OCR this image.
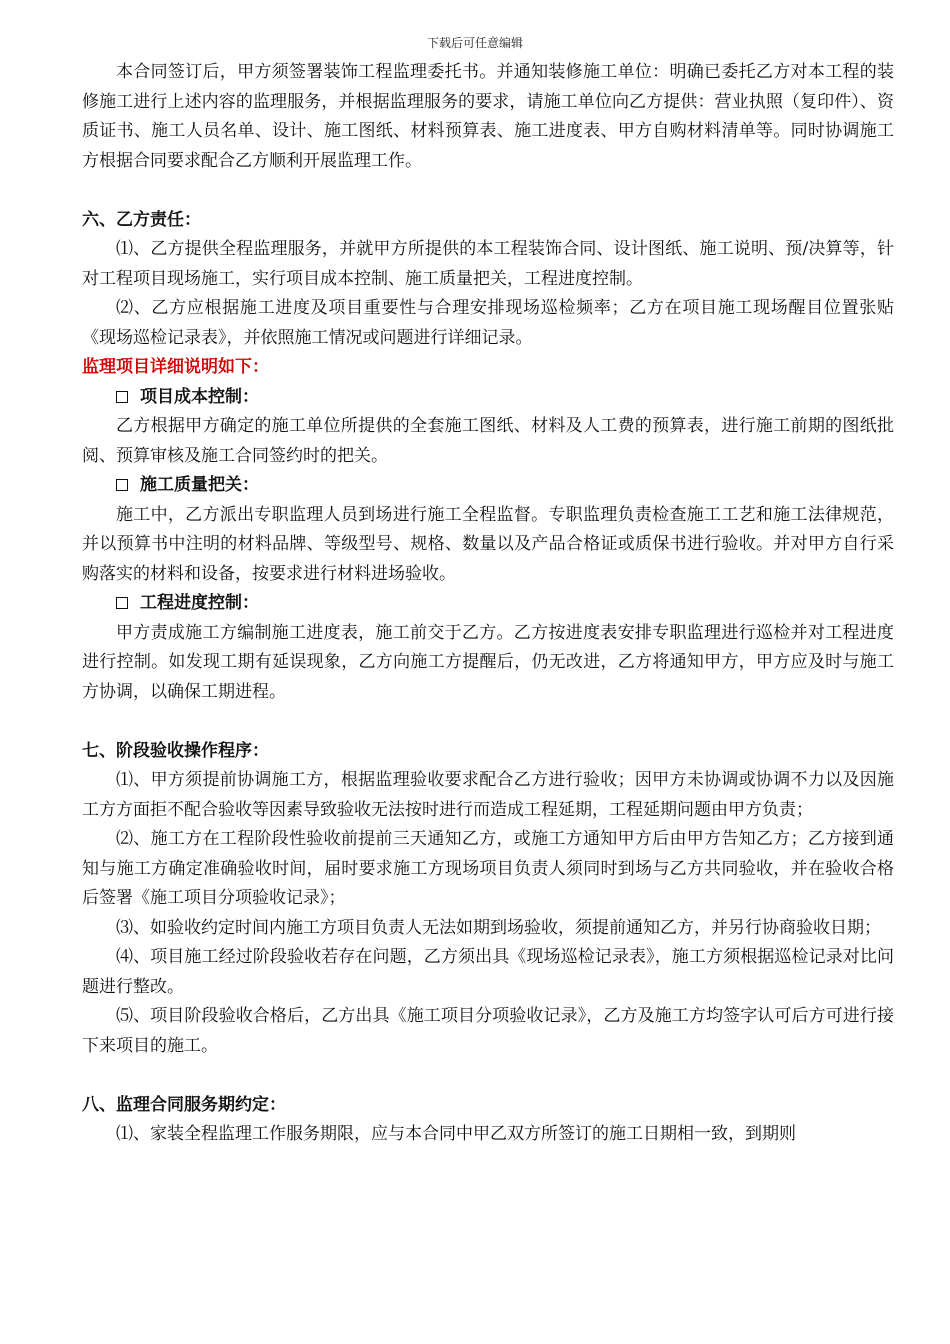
下载后可任意编辑

本合同签订后，甲方须签署装饰工程监理委托书。并通知装修施工单位：明确已委托乙方对本工程的装修施工进行上述内容的监理服务，并根据监理服务的要求，请施工单位向乙方提供：营业执照（复印件）、资质证书、施工人员名单、设计、施工图纸、材料预算表、施工进度表、甲方自购材料清单等。同时协调施工方根据合同要求配合乙方顺利开展监理工作。

六、乙方责任：

⑴、乙方提供全程监理服务，并就甲方所提供的本工程装饰合同、设计图纸、施工说明、预/决算等，针对工程项目现场施工，实行项目成本控制、施工质量把关，工程进度控制。

⑵、乙方应根据施工进度及项目重要性与合理安排现场巡检频率；乙方在项目施工现场醒目位置张贴《现场巡检记录表》，并依照施工情况或问题进行详细记录。

监理项目详细说明如下：

项目成本控制：

乙方根据甲方确定的施工单位所提供的全套施工图纸、材料及人工费的预算表，进行施工前期的图纸批阅、预算审核及施工合同签约时的把关。

施工质量把关：

施工中，乙方派出专职监理人员到场进行施工全程监督。专职监理负责检查施工工艺和施工法律规范，并以预算书中注明的材料品牌、等级型号、规格、数量以及产品合格证或质保书进行验收。并对甲方自行采购落实的材料和设备，按要求进行材料进场验收。

工程进度控制：

甲方责成施工方编制施工进度表，施工前交于乙方。乙方按进度表安排专职监理进行巡检并对工程进度进行控制。如发现工期有延误现象，乙方向施工方提醒后，仍无改进，乙方将通知甲方，甲方应及时与施工方协调，以确保工期进程。

七、阶段验收操作程序：

⑴、甲方须提前协调施工方，根据监理验收要求配合乙方进行验收；因甲方未协调或协调不力以及因施工方方面拒不配合验收等因素导致验收无法按时进行而造成工程延期，工程延期问题由甲方负责；

⑵、施工方在工程阶段性验收前提前三天通知乙方，或施工方通知甲方后由甲方告知乙方；乙方接到通知与施工方确定准确验收时间，届时要求施工方现场项目负责人须同时到场与乙方共同验收，并在验收合格后签署《施工项目分项验收记录》；

⑶、如验收约定时间内施工方项目负责人无法如期到场验收，须提前通知乙方，并另行协商验收日期；

⑷、项目施工经过阶段验收若存在问题，乙方须出具《现场巡检记录表》，施工方须根据巡检记录对比问题进行整改。

⑸、项目阶段验收合格后，乙方出具《施工项目分项验收记录》，乙方及施工方均签字认可后方可进行接下来项目的施工。

八、监理合同服务期约定：

⑴、家装全程监理工作服务期限，应与本合同中甲乙双方所签订的施工日期相一致，到期则
